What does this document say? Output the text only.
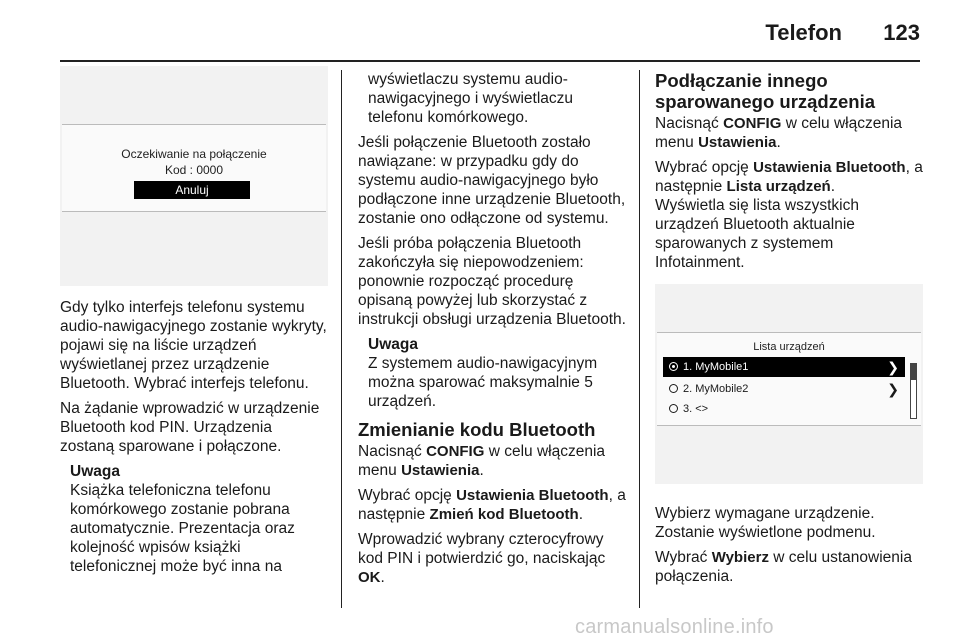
Telefon 123
Oczekiwanie na połączenie
Kod : 0000
Anuluj

Gdy tylko interfejs telefonu systemu audio-nawigacyjnego zostanie wykryty, pojawi się na liście urządzeń wyświetlanej przez urządzenie Bluetooth. Wybrać interfejs telefonu.

Na żądanie wprowadzić w urządzenie Bluetooth kod PIN. Urządzenia zostaną sparowane i połączone.

Uwaga
Książka telefoniczna telefonu komórkowego zostanie pobrana automatycznie. Prezentacja oraz kolejność wpisów książki telefonicznej może być inna na
wyświetlaczu systemu audio-nawigacyjnego i wyświetlaczu telefonu komórkowego.

Jeśli połączenie Bluetooth zostało nawiązane: w przypadku gdy do systemu audio-nawigacyjnego było podłączone inne urządzenie Bluetooth, zostanie ono odłączone od systemu.

Jeśli próba połączenia Bluetooth zakończyła się niepowodzeniem: ponownie rozpocząć procedurę opisaną powyżej lub skorzystać z instrukcji obsługi urządzenia Bluetooth.

Uwaga
Z systemem audio-nawigacyjnym można sparować maksymalnie 5 urządzeń.
Zmienianie kodu Bluetooth

Nacisnąć CONFIG w celu włączenia menu Ustawienia.

Wybrać opcję Ustawienia Bluetooth, a następnie Zmień kod Bluetooth.

Wprowadzić wybrany czterocyfrowy kod PIN i potwierdzić go, naciskając OK.

Podłączanie innego sparowanego urządzenia

Nacisnąć CONFIG w celu włączenia menu Ustawienia.

Wybrać opcję Ustawienia Bluetooth, a następnie Lista urządzeń.

Wyświetla się lista wszystkich urządzeń Bluetooth aktualnie sparowanych z systemem Infotainment.

Lista urządzeń
1. MyMobile1	❯
2. MyMobile2	❯
3. <>

Wybierz wymagane urządzenie. Zostanie wyświetlone podmenu.

Wybrać Wybierz w celu ustanowienia połączenia.

carmanualsonline.info
